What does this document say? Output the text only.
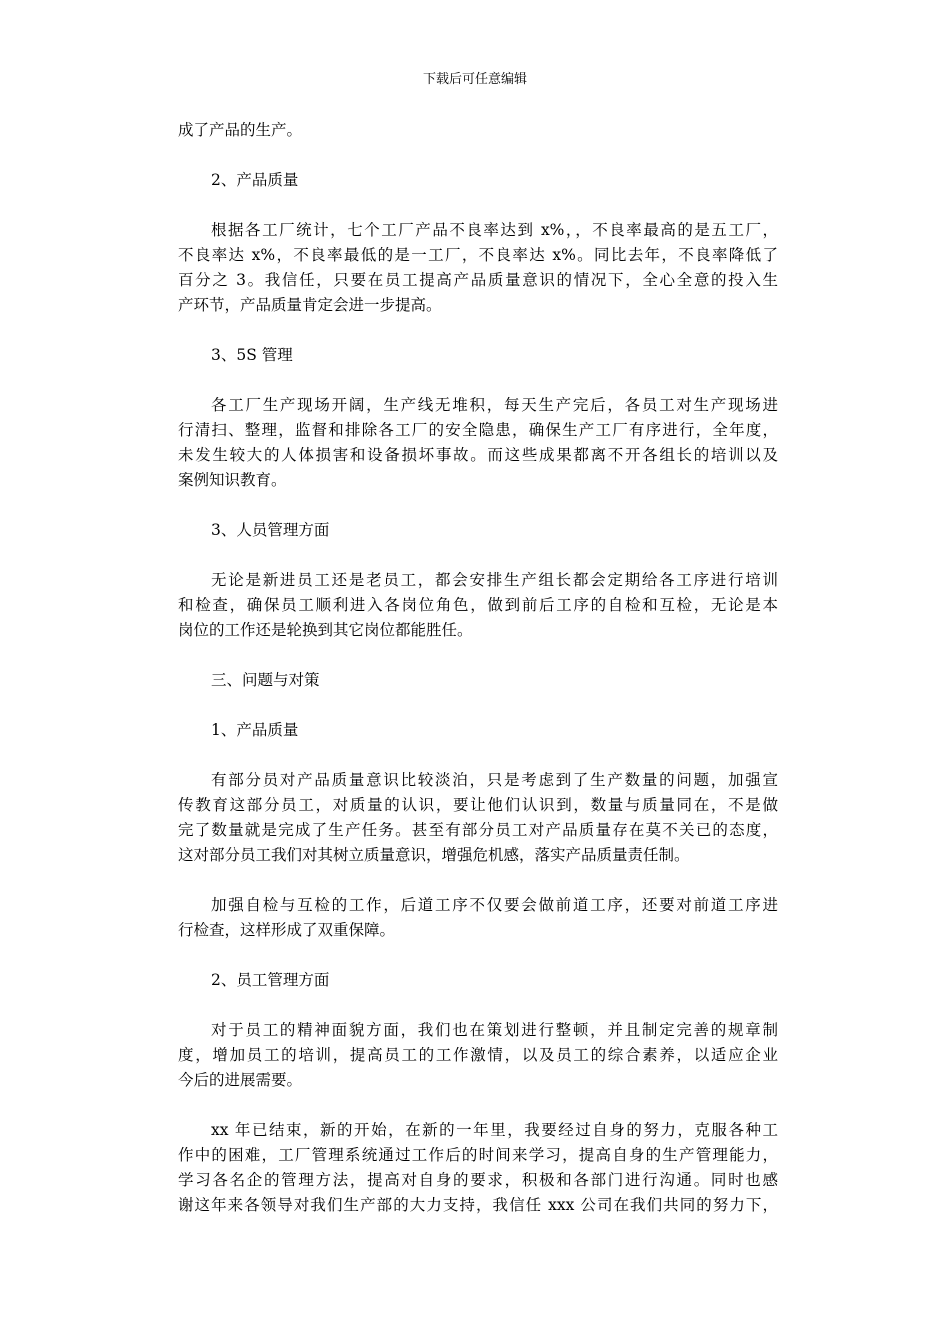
下载后可任意编辑
成了产品的生产。
2、产品质量
根据各工厂统计，七个工厂产品不良率达到 x%，，不良率最高的是五工厂，
不良率达 x%，不良率最低的是一工厂，不良率达 x%。同比去年，不良率降低了
百分之 3。我信任，只要在员工提高产品质量意识的情况下，全心全意的投入生
产环节，产品质量肯定会进一步提高。
3、5S 管理
各工厂生产现场开阔，生产线无堆积，每天生产完后，各员工对生产现场进
行清扫、整理，监督和排除各工厂的安全隐患，确保生产工厂有序进行，全年度，
未发生较大的人体损害和设备损坏事故。而这些成果都离不开各组长的培训以及
案例知识教育。
3、人员管理方面
无论是新进员工还是老员工，都会安排生产组长都会定期给各工序进行培训
和检查，确保员工顺利进入各岗位角色，做到前后工序的自检和互检，无论是本
岗位的工作还是轮换到其它岗位都能胜任。
三、问题与对策
1、产品质量
有部分员对产品质量意识比较淡泊，只是考虑到了生产数量的问题，加强宣
传教育这部分员工，对质量的认识，要让他们认识到，数量与质量同在，不是做
完了数量就是完成了生产任务。甚至有部分员工对产品质量存在莫不关已的态度，
这对部分员工我们对其树立质量意识，增强危机感，落实产品质量责任制。
加强自检与互检的工作，后道工序不仅要会做前道工序，还要对前道工序进
行检查，这样形成了双重保障。
2、员工管理方面
对于员工的精神面貌方面，我们也在策划进行整顿，并且制定完善的规章制
度，增加员工的培训，提高员工的工作激情，以及员工的综合素养，以适应企业
今后的进展需要。
xx 年已结束，新的开始，在新的一年里，我要经过自身的努力，克服各种工
作中的困难，工厂管理系统通过工作后的时间来学习，提高自身的生产管理能力，
学习各名企的管理方法，提高对自身的要求，积极和各部门进行沟通。同时也感
谢这年来各领导对我们生产部的大力支持，我信任 xxx 公司在我们共同的努力下，
